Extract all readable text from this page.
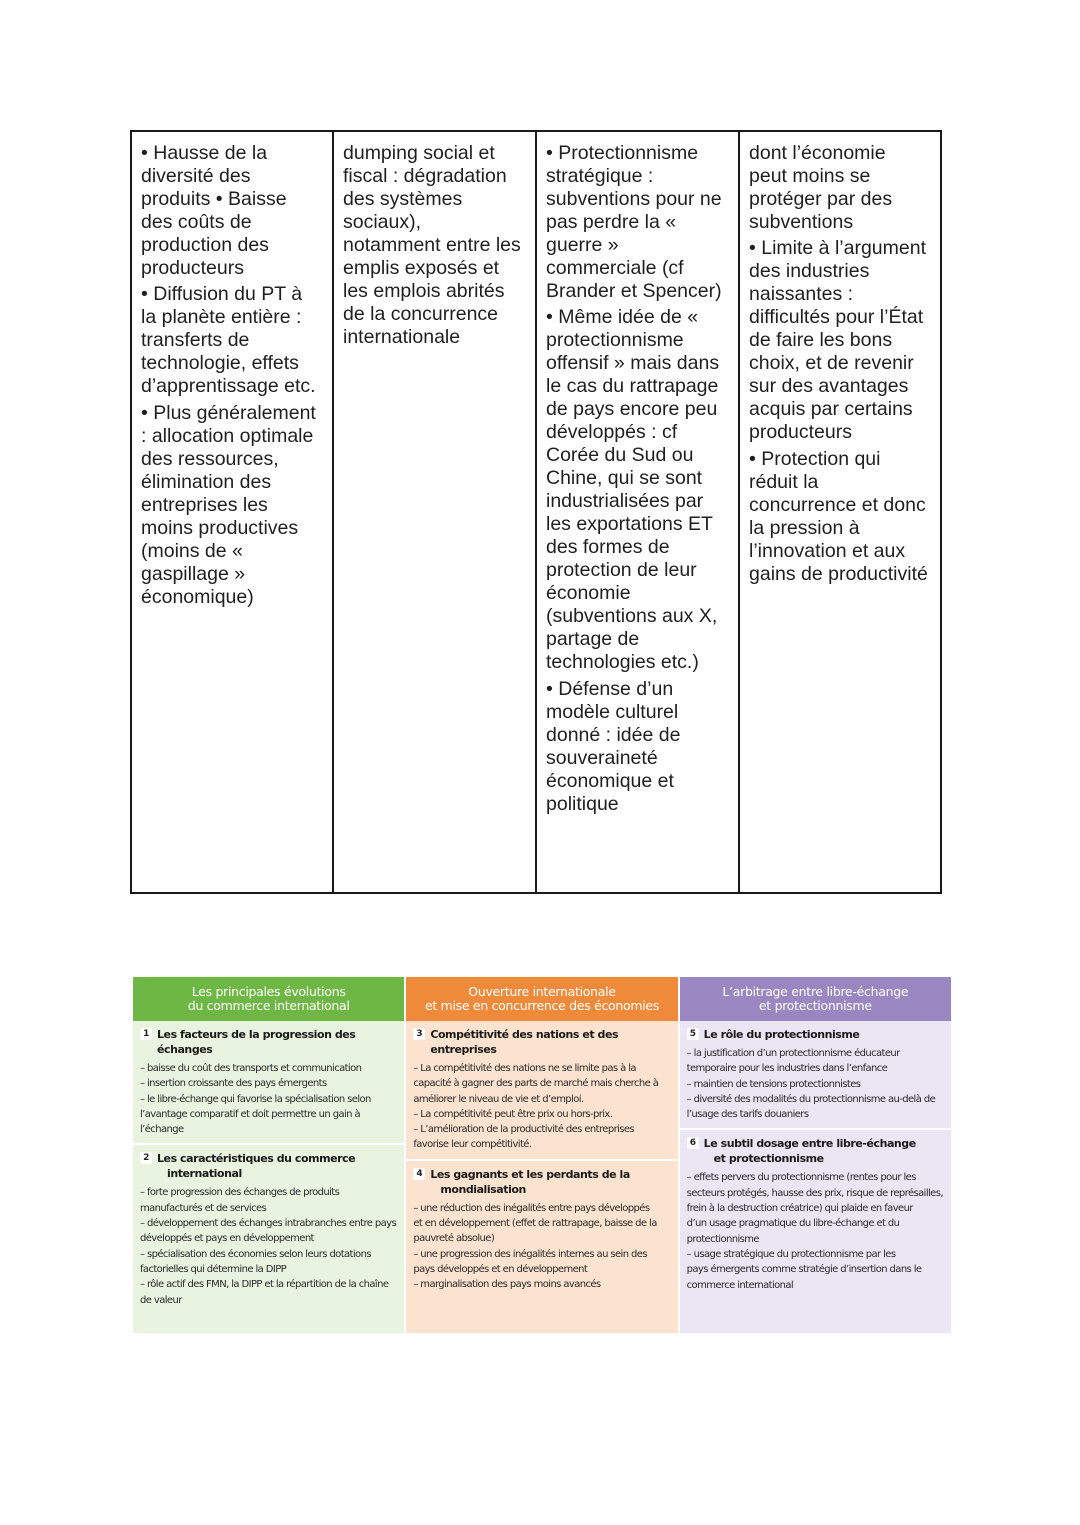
• Hausse de la
diversité des
produits • Baisse
des coûts de
production des
producteurs
• Diffusion du PT à
la planète entière :
transferts de
technologie, effets
d’apprentissage etc.
• Plus généralement
: allocation optimale
des ressources,
élimination des
entreprises les
moins productives
(moins de «
gaspillage »
économique)
dumping social et
fiscal : dégradation
des systèmes
sociaux),
notamment entre les
emplis exposés et
les emplois abrités
de la concurrence
internationale
• Protectionnisme
stratégique :
subventions pour ne
pas perdre la «
guerre »
commerciale (cf
Brander et Spencer)
• Même idée de «
protectionnisme
offensif » mais dans
le cas du rattrapage
de pays encore peu
développés : cf
Corée du Sud ou
Chine, qui se sont
industrialisées par
les exportations ET
des formes de
protection de leur
économie
(subventions aux X,
partage de
technologies etc.)
• Défense d’un
modèle culturel
donné : idée de
souveraineté
économique et
politique
dont l’économie
peut moins se
protéger par des
subventions
• Limite à l’argument
des industries
naissantes :
difficultés pour l’État
de faire les bons
choix, et de revenir
sur des avantages
acquis par certains
producteurs
• Protection qui
réduit la
concurrence et donc
la pression à
l’innovation et aux
gains de productivité
Les principales évolutions
du commerce international
1 Les facteurs de la progression des échanges
– baisse du coût des transports et communication
– insertion croissante des pays émergents
– le libre-échange qui favorise la spécialisation selon
l’avantage comparatif et doit permettre un gain à
l’échange
2 Les caractéristiques du commerce
international
– forte progression des échanges de produits
manufacturés et de services
– développement des échanges intrabranches entre pays
développés et pays en développement
– spécialisation des économies selon leurs dotations
factorielles qui détermine la DIPP
– rôle actif des FMN, la DIPP et la répartition de la chaîne
de valeur
Ouverture internationale
et mise en concurrence des économies
3 Compétitivité des nations et des entreprises
– La compétitivité des nations ne se limite pas à la
capacité à gagner des parts de marché mais cherche à
améliorer le niveau de vie et d’emploi.
– La compétitivité peut être prix ou hors-prix.
– L’amélioration de la productivité des entreprises
favorise leur compétitivité.
4 Les gagnants et les perdants de la
mondialisation
– une réduction des inégalités entre pays développés
et en développement (effet de rattrapage, baisse de la
pauvreté absolue)
– une progression des inégalités internes au sein des
pays développés et en développement
– marginalisation des pays moins avancés
L’arbitrage entre libre-échange
et protectionnisme
5 Le rôle du protectionnisme
– la justification d’un protectionnisme éducateur
temporaire pour les industries dans l’enfance
– maintien de tensions protectionnistes
– diversité des modalités du protectionnisme au-delà de
l’usage des tarifs douaniers
6 Le subtil dosage entre libre-échange
et protectionnisme
– effets pervers du protectionnisme (rentes pour les
secteurs protégés, hausse des prix, risque de représailles,
frein à la destruction créatrice) qui plaide en faveur
d’un usage pragmatique du libre-échange et du
protectionnisme
– usage stratégique du protectionnisme par les
pays émergents comme stratégie d’insertion dans le
commerce international
